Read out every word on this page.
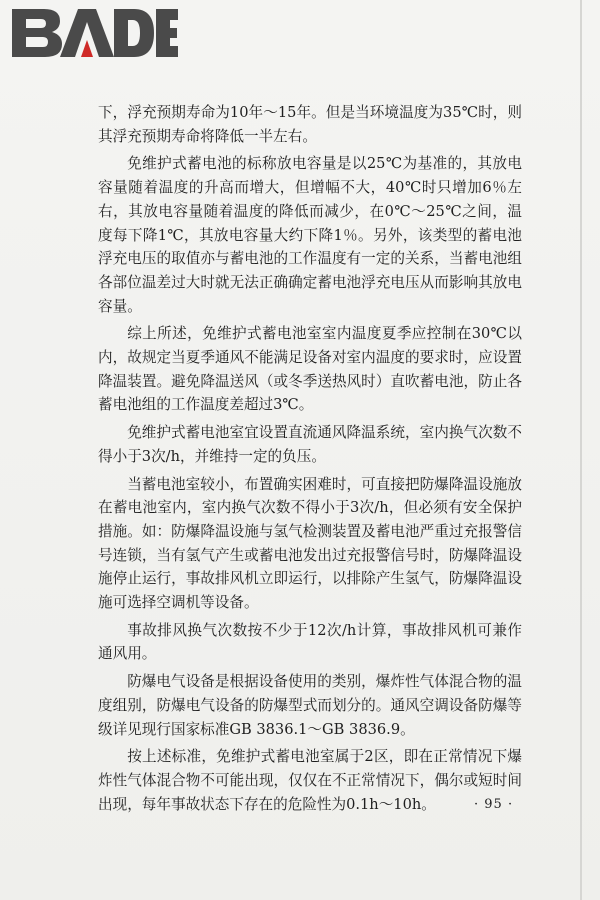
下，浮充预期寿命为10年～15年。但是当环境温度为35℃时，则其浮充预期寿命将降低一半左右。

免维护式蓄电池的标称放电容量是以25℃为基准的，其放电容量随着温度的升高而增大，但增幅不大，40℃时只增加6％左右，其放电容量随着温度的降低而减少，在0℃～25℃之间，温度每下降1℃，其放电容量大约下降1％。另外，该类型的蓄电池浮充电压的取值亦与蓄电池的工作温度有一定的关系，当蓄电池组各部位温差过大时就无法正确确定蓄电池浮充电压从而影响其放电容量。

综上所述，免维护式蓄电池室室内温度夏季应控制在30℃以内，故规定当夏季通风不能满足设备对室内温度的要求时，应设置降温装置。避免降温送风（或冬季送热风时）直吹蓄电池，防止各蓄电池组的工作温度差超过3℃。

免维护式蓄电池室宜设置直流通风降温系统，室内换气次数不得小于3次/h，并维持一定的负压。

当蓄电池室较小，布置确实困难时，可直接把防爆降温设施放在蓄电池室内，室内换气次数不得小于3次/h，但必须有安全保护措施。如：防爆降温设施与氢气检测装置及蓄电池严重过充报警信号连锁，当有氢气产生或蓄电池发出过充报警信号时，防爆降温设施停止运行，事故排风机立即运行，以排除产生氢气，防爆降温设施可选择空调机等设备。

事故排风换气次数按不少于12次/h计算，事故排风机可兼作通风用。

防爆电气设备是根据设备使用的类别，爆炸性气体混合物的温度组别，防爆电气设备的防爆型式而划分的。通风空调设备防爆等级详见现行国家标准GB 3836.1～GB 3836.9。

按上述标准，免维护式蓄电池室属于2区，即在正常情况下爆炸性气体混合物不可能出现，仅仅在不正常情况下，偶尔或短时间出现，每年事故状态下存在的危险性为0.1h～10h。	· 95 ·
